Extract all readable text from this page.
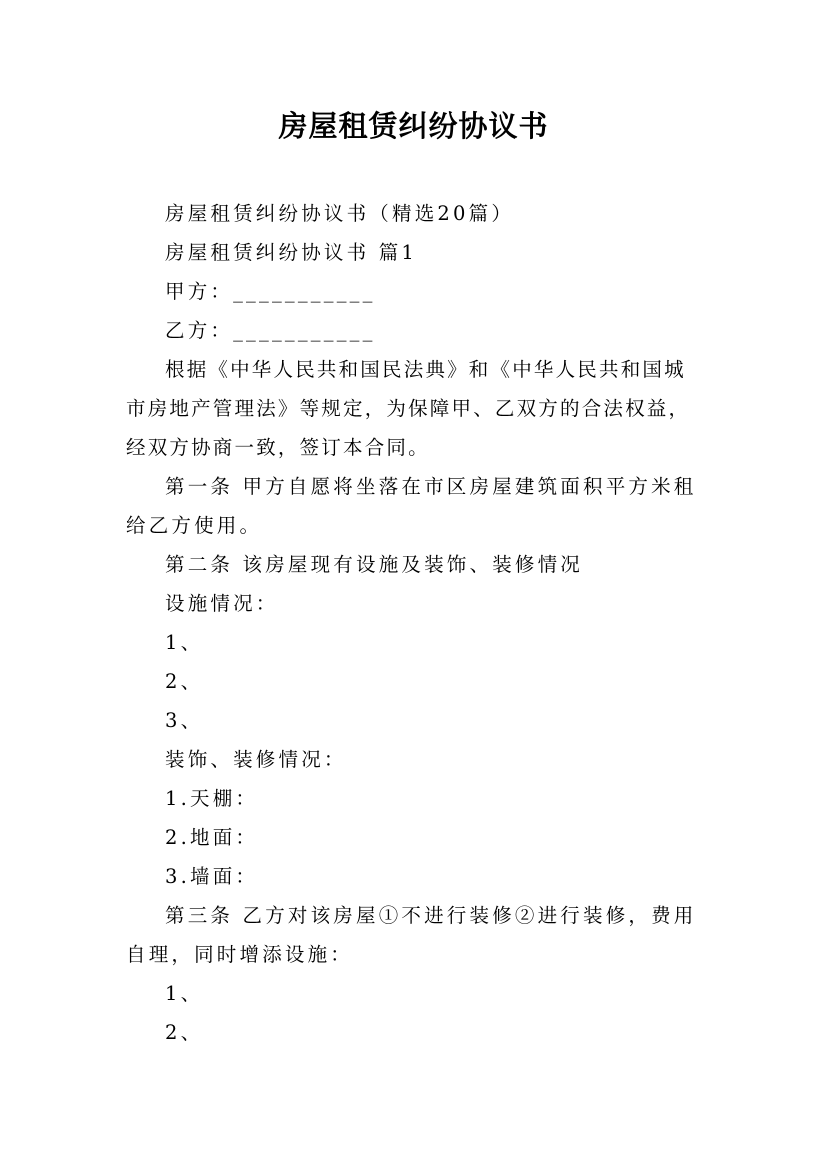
房屋租赁纠纷协议书

房屋租赁纠纷协议书（精选20篇）

房屋租赁纠纷协议书 篇1

甲方：___________

乙方：___________

根据《中华人民共和国民法典》和《中华人民共和国城市房地产管理法》等规定，为保障甲、乙双方的合法权益，经双方协商一致，签订本合同。

第一条 甲方自愿将坐落在市区房屋建筑面积平方米租给乙方使用。

第二条 该房屋现有设施及装饰、装修情况

设施情况：

1、

2、

3、

装饰、装修情况：

1.天棚：

2.地面：

3.墙面：

第三条 乙方对该房屋①不进行装修②进行装修，费用自理，同时增添设施：

1、

2、
